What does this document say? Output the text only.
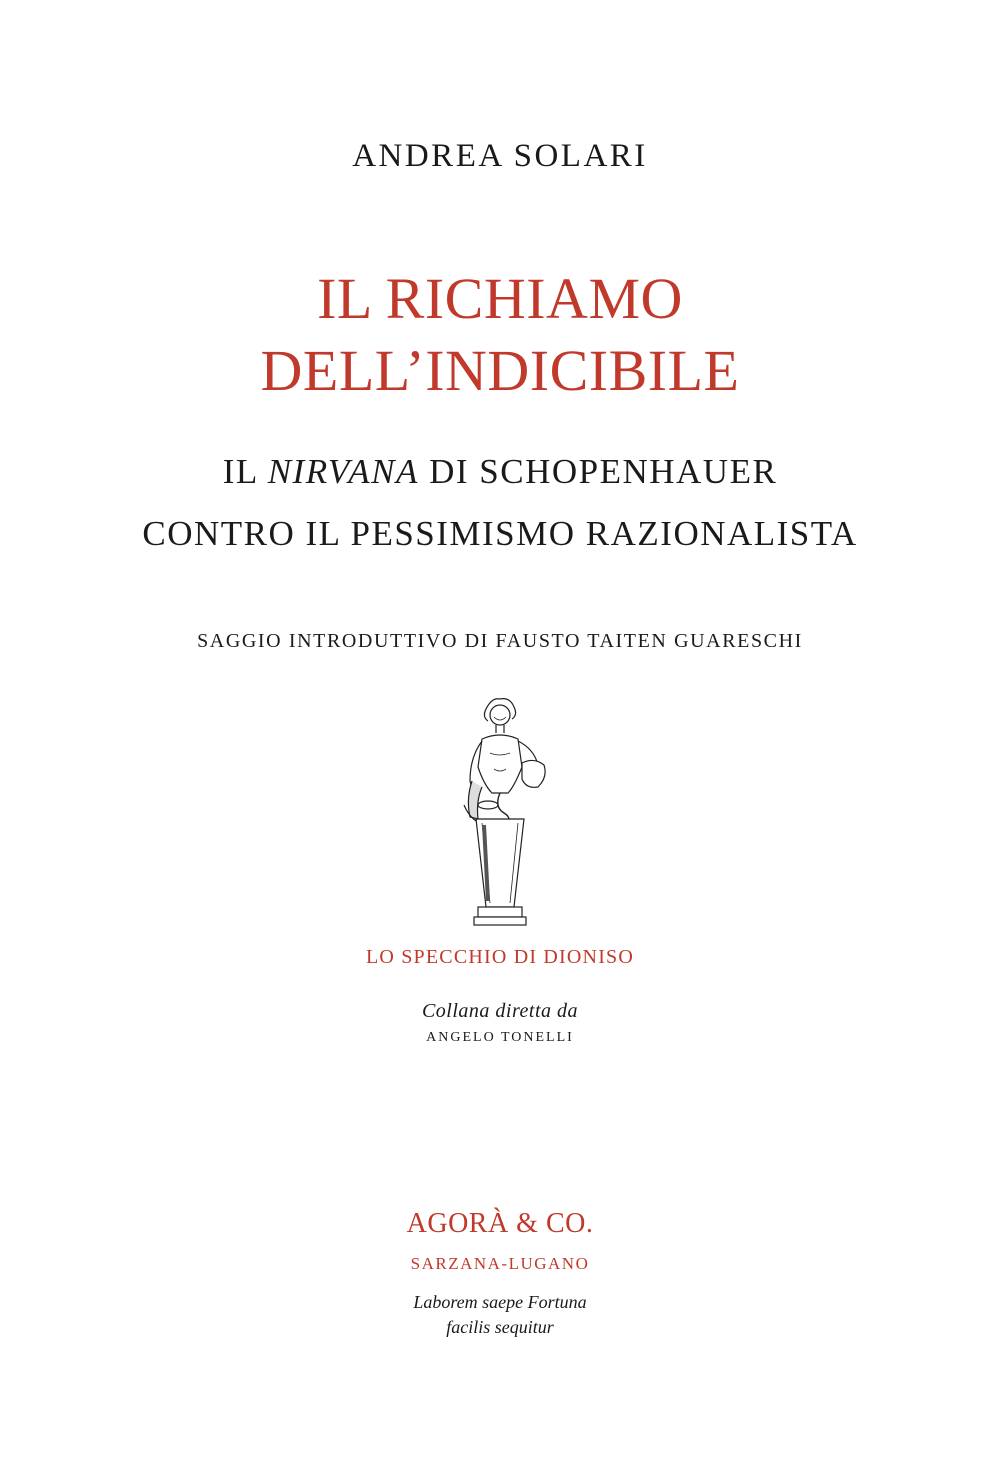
ANDREA SOLARI
IL RICHIAMO
DELL’INDICIBILE
IL NIRVANA DI SCHOPENHAUER
CONTRO IL PESSIMISMO RAZIONALISTA
SAGGIO INTRODUTTIVO DI FAUSTO TAITEN GUARESCHI
LO SPECCHIO DI DIONISO
Collana diretta da
ANGELO TONELLI
AGORÀ & CO.
SARZANA-LUGANO
Laborem saepe Fortuna
facilis sequitur
